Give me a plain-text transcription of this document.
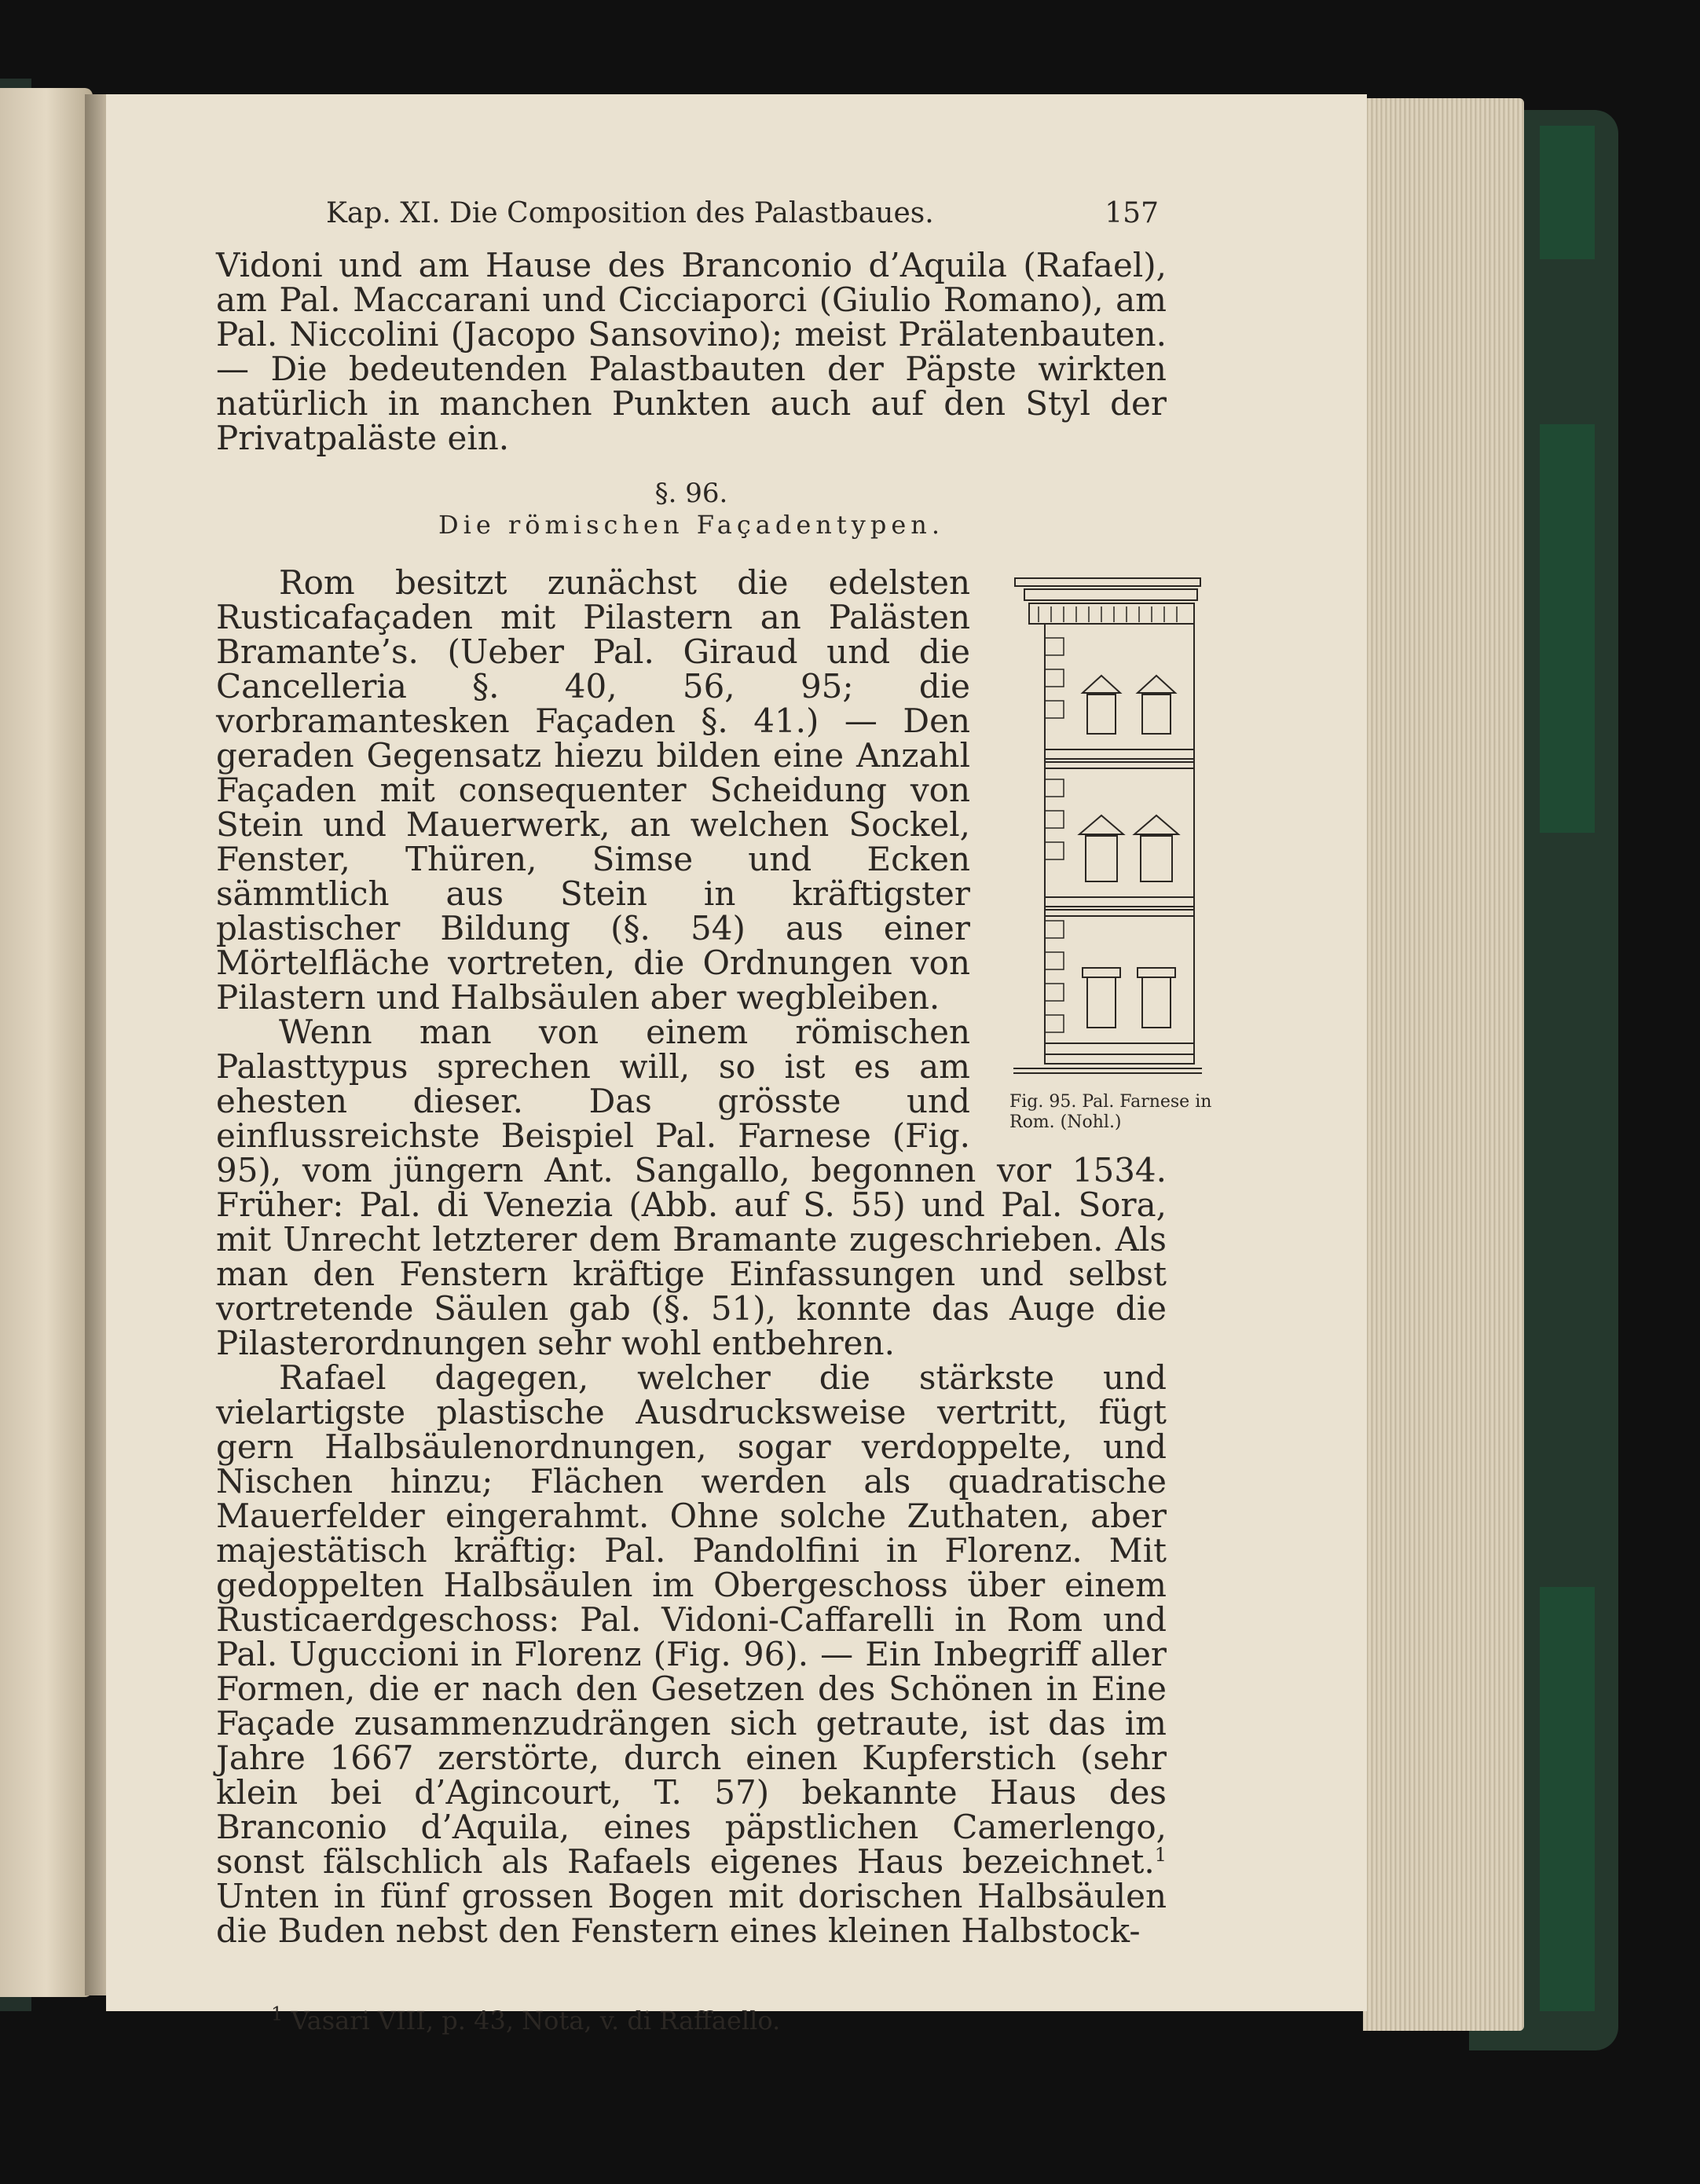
Kap. XI. Die Composition des Palastbaues.	157

Vidoni und am Hause des Branconio d’Aquila (Rafael), am Pal. Maccarani und Cicciaporci (Giulio Romano), am Pal. Niccolini (Jacopo Sansovino); meist Prälatenbauten. — Die bedeutenden Palastbauten der Päpste wirkten natürlich in manchen Punkten auch auf den Styl der Privatpaläste ein.

§. 96.
Die römischen Façadentypen.
Fig. 95. Pal. Farnese in Rom. (Nohl.)

Rom besitzt zunächst die edelsten Rusticafaçaden mit Pilastern an Palästen Bramante’s. (Ueber Pal. Giraud und die Cancelleria §. 40, 56, 95; die vorbramantesken Façaden §. 41.) — Den geraden Gegensatz hiezu bilden eine Anzahl Façaden mit consequenter Scheidung von Stein und Mauerwerk, an welchen Sockel, Fenster, Thüren, Simse und Ecken sämmtlich aus Stein in kräftigster plastischer Bildung (§. 54) aus einer Mörtelfläche vortreten, die Ordnungen von Pilastern und Halbsäulen aber wegbleiben.

Wenn man von einem römischen Palasttypus sprechen will, so ist es am ehesten dieser. Das grösste und einflussreichste Beispiel Pal. Farnese (Fig. 95), vom jüngern Ant. Sangallo, begonnen vor 1534. Früher: Pal. di Venezia (Abb. auf S. 55) und Pal. Sora, mit Unrecht letzterer dem Bramante zugeschrieben. Als man den Fenstern kräftige Einfassungen und selbst vortretende Säulen gab (§. 51), konnte das Auge die Pilasterordnungen sehr wohl entbehren.

Rafael dagegen, welcher die stärkste und vielartigste plastische Ausdrucksweise vertritt, fügt gern Halbsäulenordnungen, sogar verdoppelte, und Nischen hinzu; Flächen werden als quadratische Mauerfelder eingerahmt. Ohne solche Zuthaten, aber majestätisch kräftig: Pal. Pandolfini in Florenz. Mit gedoppelten Halbsäulen im Obergeschoss über einem Rusticaerdgeschoss: Pal. Vidoni-Caffarelli in Rom und Pal. Uguccioni in Florenz (Fig. 96). — Ein Inbegriff aller Formen, die er nach den Gesetzen des Schönen in Eine Façade zusammenzudrängen sich getraute, ist das im Jahre 1667 zerstörte, durch einen Kupferstich (sehr klein bei d’Agincourt, T. 57) bekannte Haus des Branconio d’Aquila, eines päpstlichen Camerlengo, sonst fälschlich als Rafaels eigenes Haus bezeichnet.$^1$ Unten in fünf grossen Bogen mit dorischen Halbsäulen die Buden nebst den Fenstern eines kleinen Halbstock-

$^1$ Vasari VIII, p. 43, Nota, v. di Raffaello.
